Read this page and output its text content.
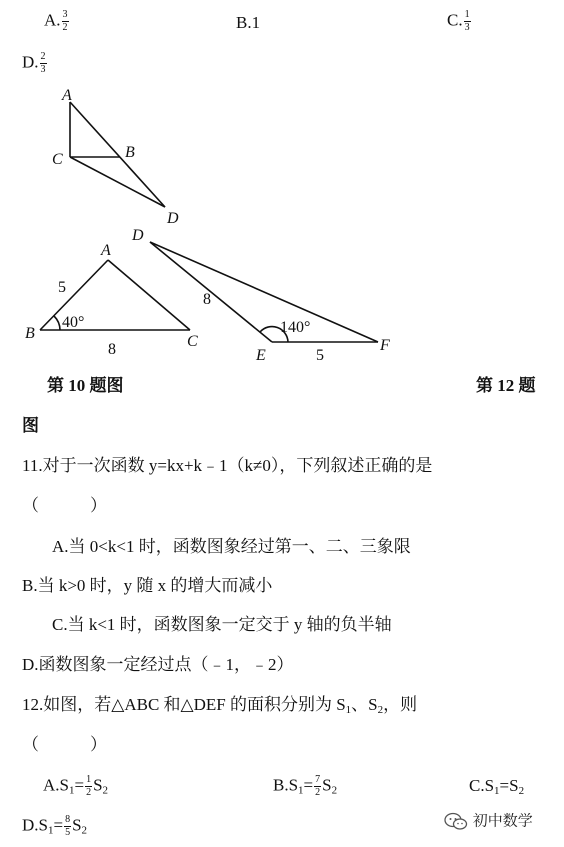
A. $\frac{3}{2}$	B.1	C. $\frac{1}{3}$
D. $\frac{2}{3}$
A
C	B
D
A
B	C
D
E
F
5
8
40°
8
5
140°
第 10 题图	第 12 题
图
11.对于一次函数 y=kx+k﹣1（k≠0），下列叙述正确的是
（　　　）
A.当 0<k<1 时，函数图象经过第一、二、三象限
B.当 k>0 时，y 随 x 的增大而减小
C.当 k<1 时，函数图象一定交于 y 轴的负半轴
D.函数图象一定经过点（﹣1，﹣2）
12.如图，若△ABC 和△DEF 的面积分别为 $S_1$、$S_2$，则
（　　　）
$A.S_1= \frac{1}{2} S_2$	$B.S_1= \frac{7}{2} S_2$	$C.S_1=S_2$
$D.S_1= \frac{8}{5} S_2$
初中数学
